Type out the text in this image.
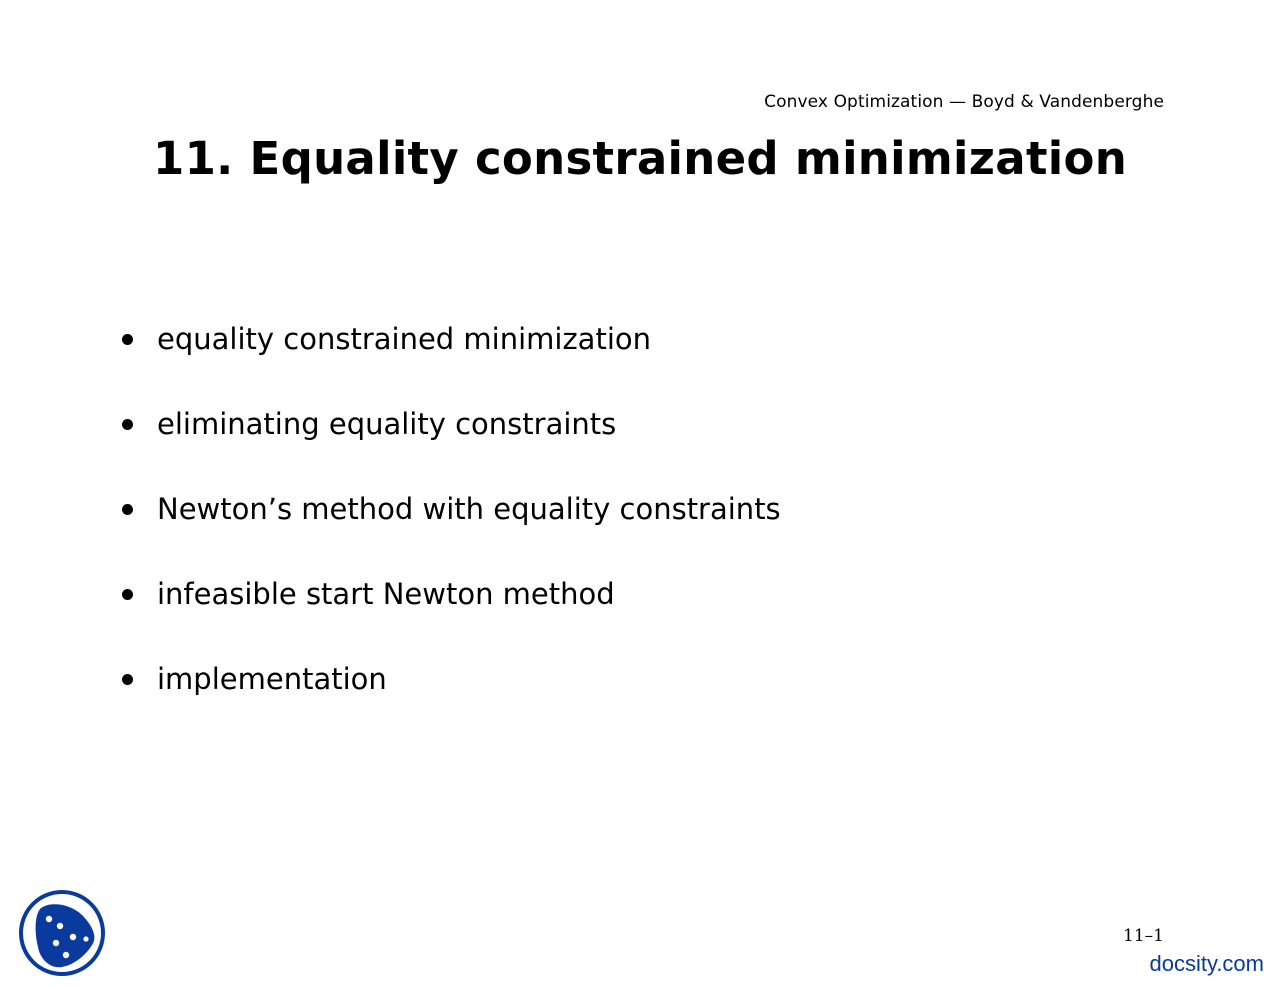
Convex Optimization — Boyd & Vandenberghe
11. Equality constrained minimization
equality constrained minimization
eliminating equality constraints
Newton’s method with equality constraints
infeasible start Newton method
implementation
11–1
docsity.com
